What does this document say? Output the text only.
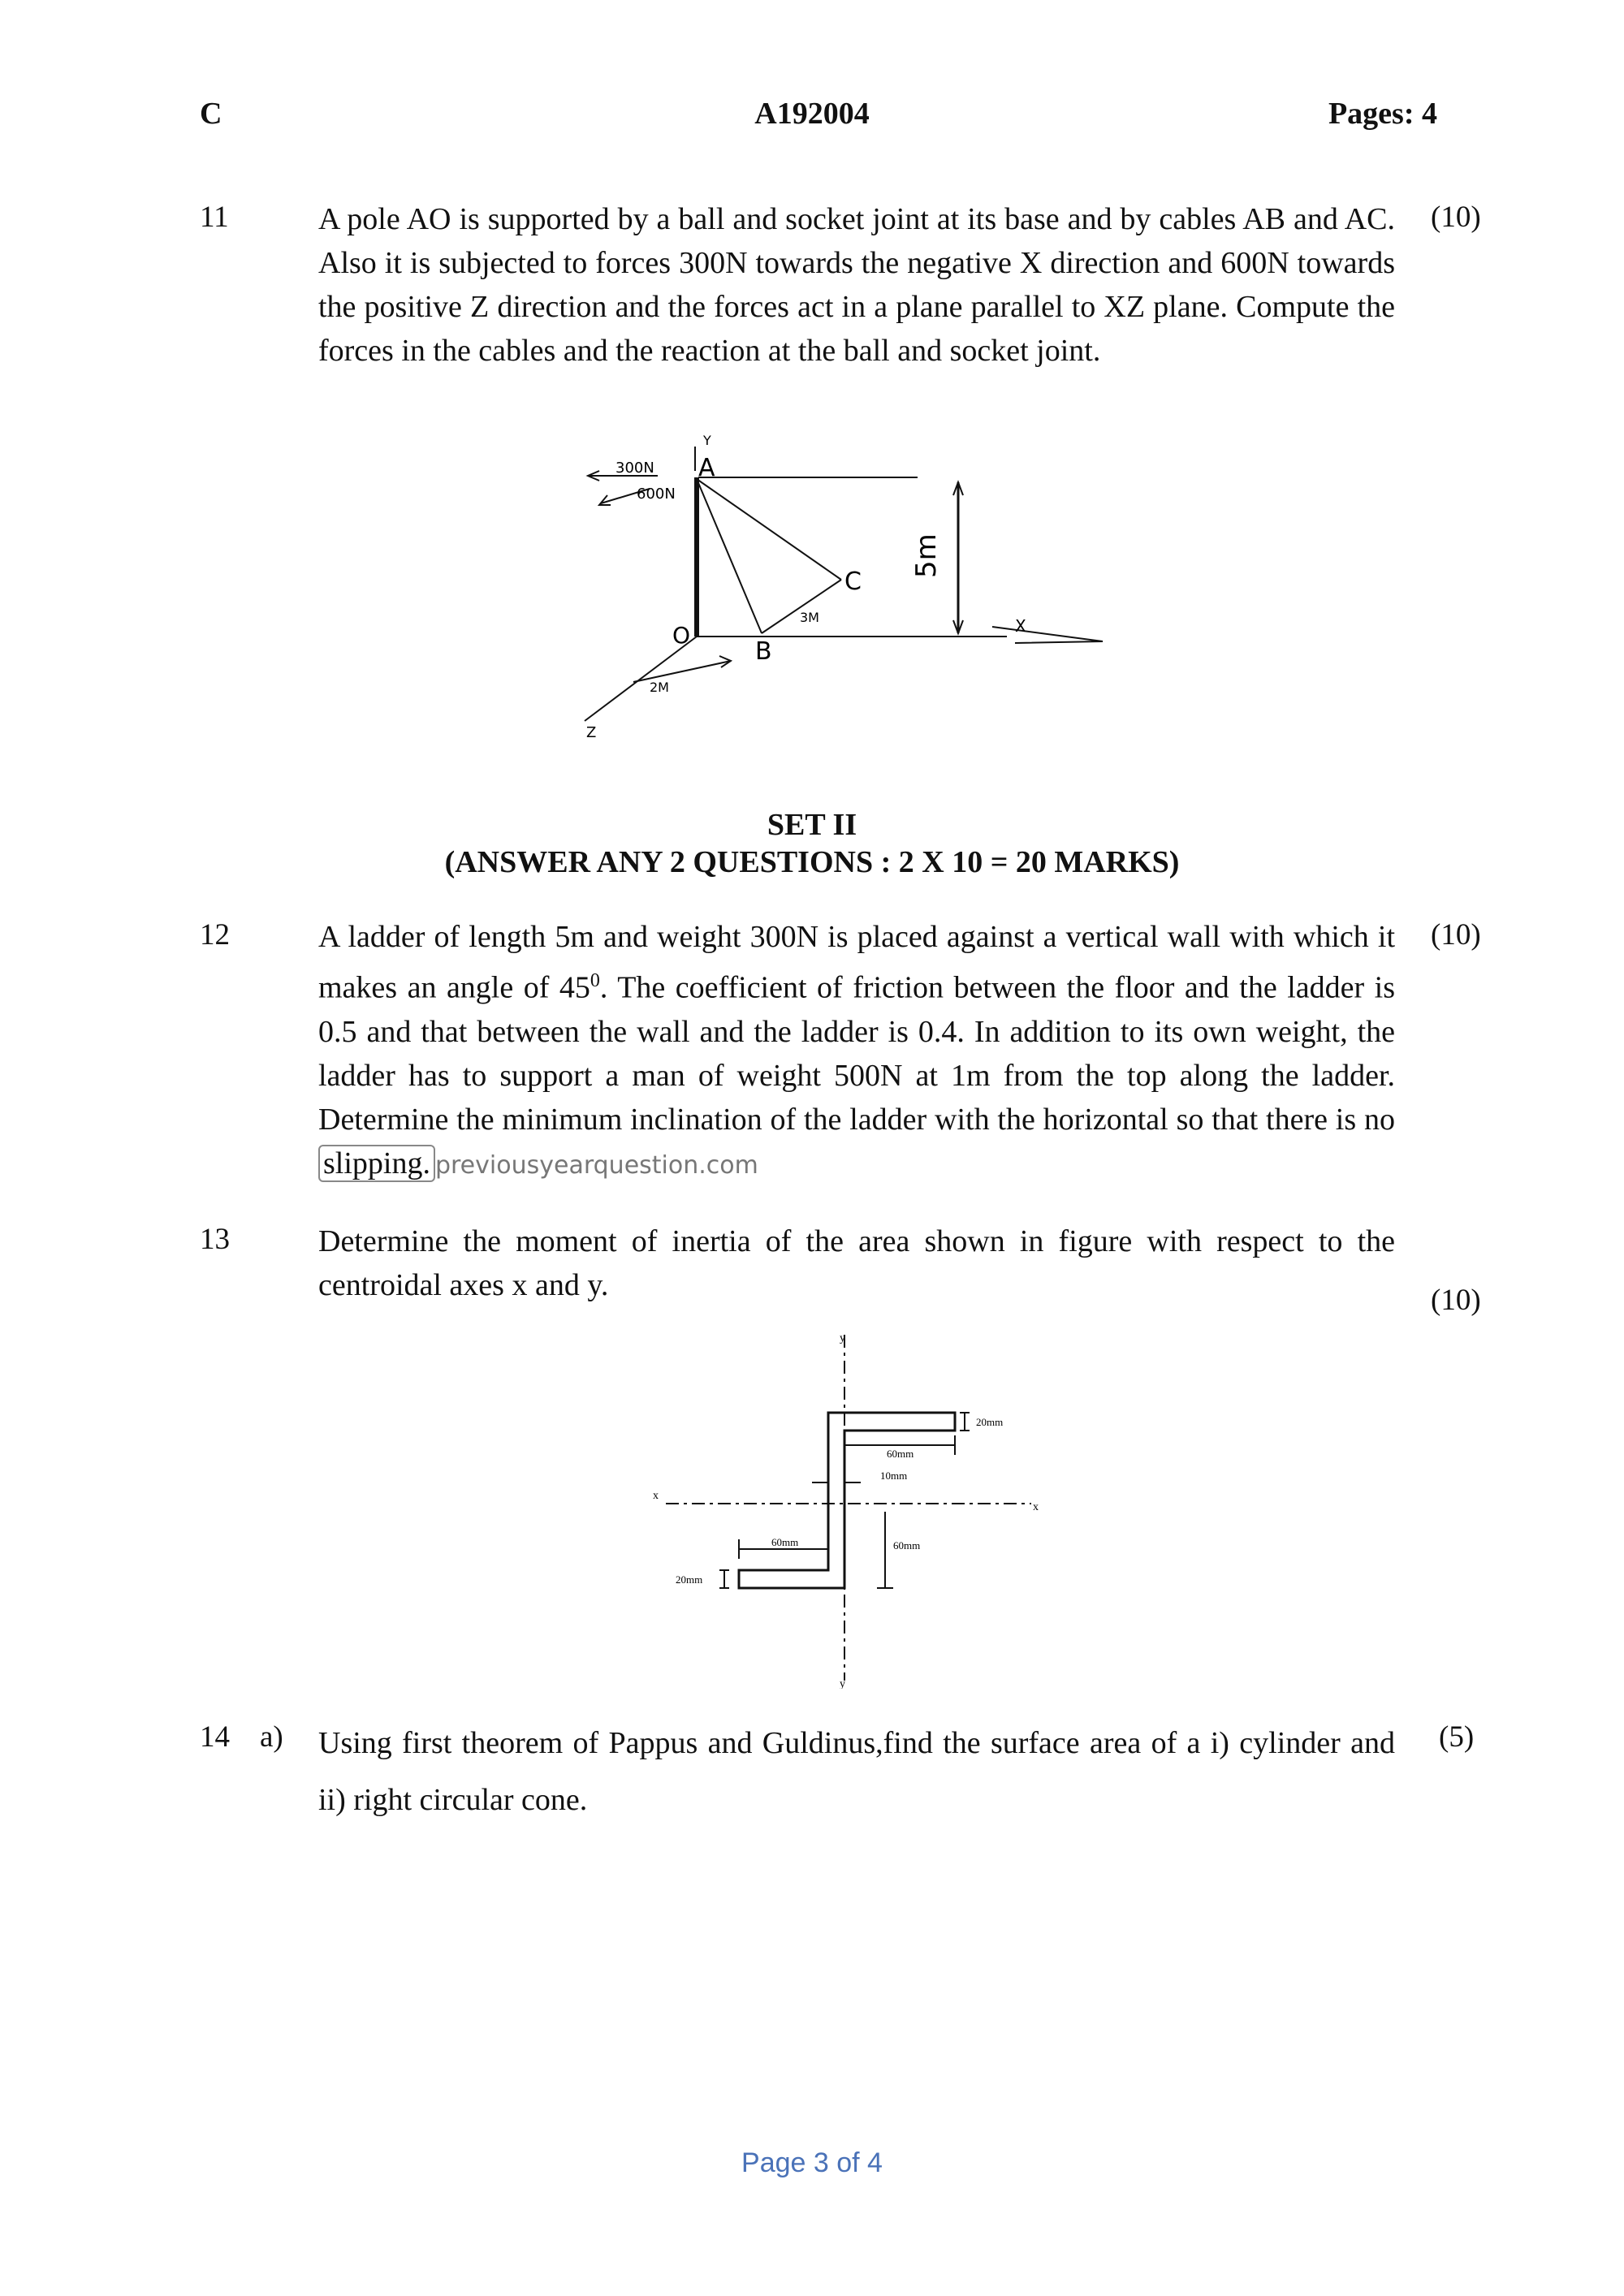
C	A192004	Pages: 4
11	A pole AO is supported by a ball and socket joint at its base and by cables AB and AC. Also it is subjected to forces 300N towards the negative X direction and 600N towards the positive Z direction and the forces act in a plane parallel to XZ plane. Compute the forces in the cables and the reaction at the ball and socket joint.
(10)
300N
600N
A
Y
C
B
O	X
Z
3M
2M
5m
SET II
(ANSWER ANY 2 QUESTIONS : 2 X 10 = 20 MARKS)
12	A ladder of length 5m and weight 300N is placed against a vertical wall with which it makes an angle of $45^0$. The coefficient of friction between the floor and the ladder is 0.5 and that between the wall and the ladder is 0.4. In addition to its own weight, the ladder has to support a man of weight 500N at 1m from the top along the ladder. Determine the minimum inclination of the ladder with the horizontal so that there is no slipping. previousyearquestion.com
(10)
13	Determine the moment of inertia of the area shown in figure with respect to the centroidal axes x and y.	(10)
20mm
60mm
10mm
60mm
60mm
20mm
x
x
y
y
14 a) Using first theorem of Pappus and Guldinus,find the surface area of a i) cylinder and ii) right circular cone.
(5)
Page 3 of 4
